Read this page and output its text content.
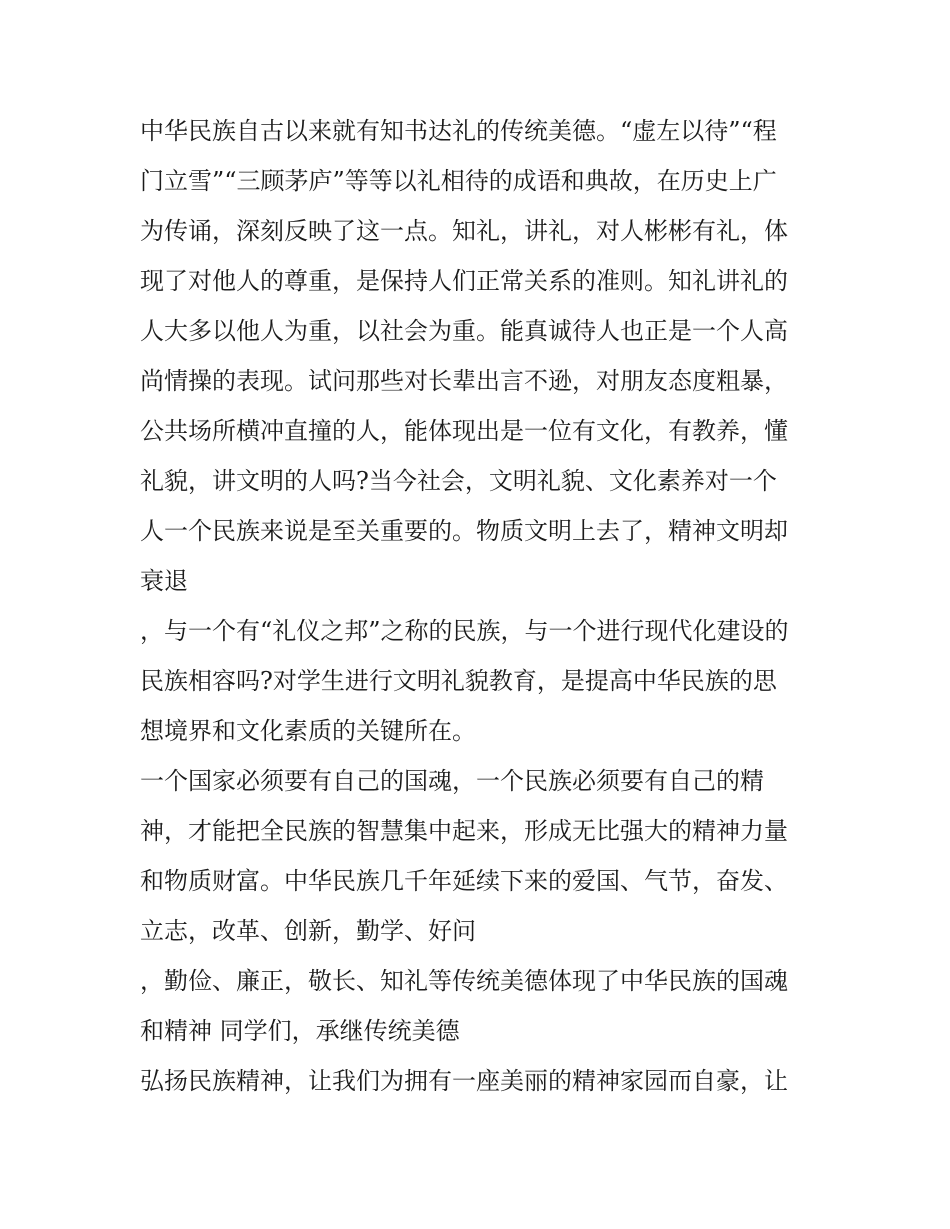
中华民族自古以来就有知书达礼的传统美德。“虚左以待”“程
门立雪”“三顾茅庐”等等以礼相待的成语和典故，在历史上广
为传诵，深刻反映了这一点。知礼，讲礼，对人彬彬有礼，体
现了对他人的尊重，是保持人们正常关系的准则。知礼讲礼的
人大多以他人为重，以社会为重。能真诚待人也正是一个人高
尚情操的表现。试问那些对长辈出言不逊，对朋友态度粗暴，
公共场所横冲直撞的人，能体现出是一位有文化，有教养，懂
礼貌，讲文明的人吗?当今社会，文明礼貌、文化素养对一个
人一个民族来说是至关重要的。物质文明上去了，精神文明却
衰退
，与一个有“礼仪之邦”之称的民族，与一个进行现代化建设的
民族相容吗?对学生进行文明礼貌教育，是提高中华民族的思
想境界和文化素质的关键所在。
一个国家必须要有自己的国魂，一个民族必须要有自己的精
神，才能把全民族的智慧集中起来，形成无比强大的精神力量
和物质财富。中华民族几千年延续下来的爱国、气节，奋发、
立志，改革、创新，勤学、好问
，勤俭、廉正，敬长、知礼等传统美德体现了中华民族的国魂
和精神 同学们，承继传统美德
弘扬民族精神，让我们为拥有一座美丽的精神家园而自豪，让
